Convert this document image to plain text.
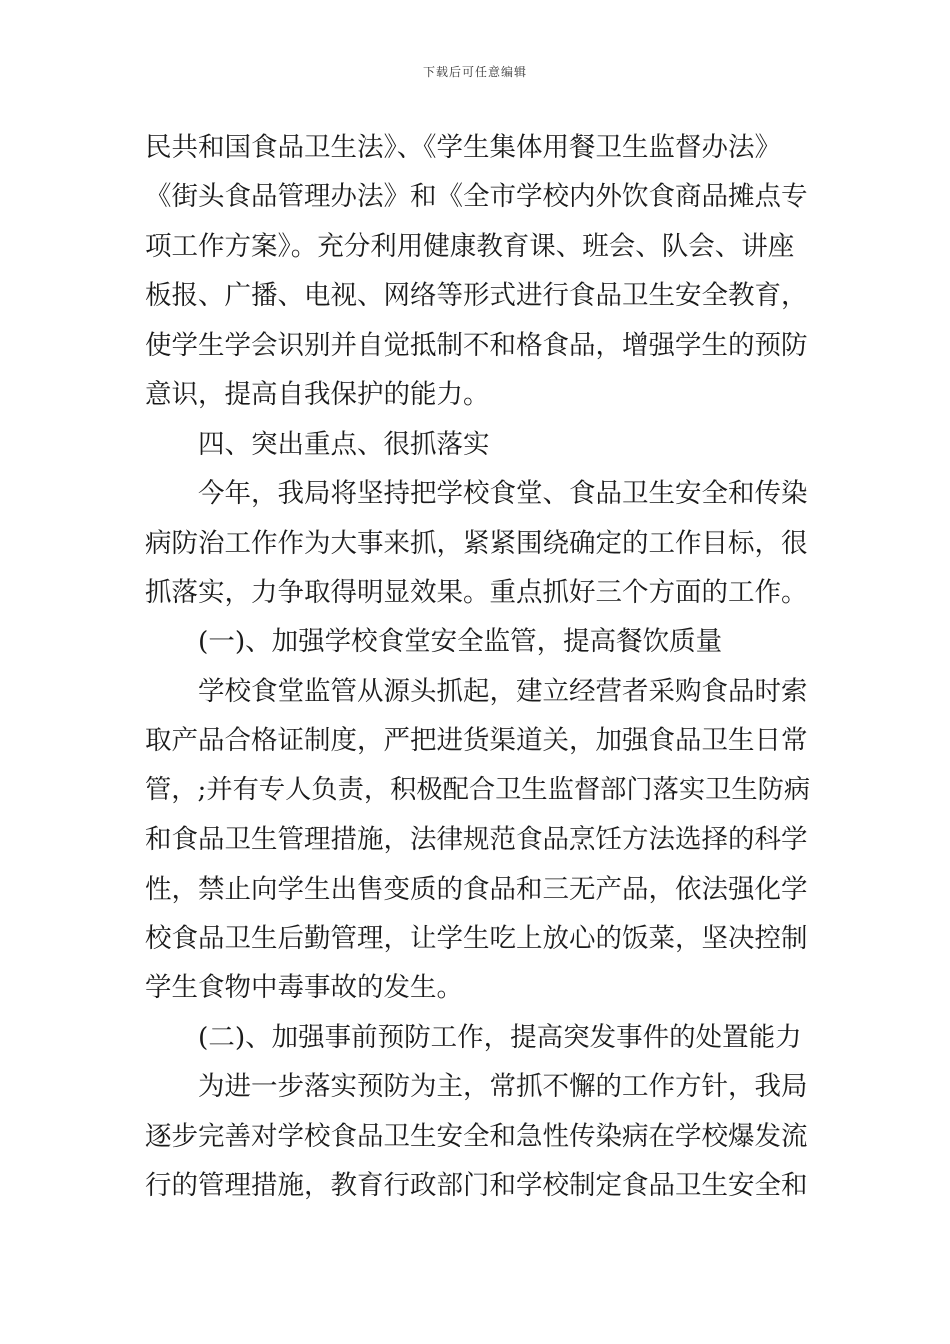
下载后可任意编辑
民共和国食品卫生法》、《学生集体用餐卫生监督办法》
《街头食品管理办法》和《全市学校内外饮食商品摊点专
项工作方案》。充分利用健康教育课、班会、队会、讲座
板报、广播、电视、网络等形式进行食品卫生安全教育，
使学生学会识别并自觉抵制不和格食品，增强学生的预防
意识，提高自我保护的能力。
四、突出重点、很抓落实
今年，我局将坚持把学校食堂、食品卫生安全和传染
病防治工作作为大事来抓，紧紧围绕确定的工作目标，很
抓落实，力争取得明显效果。重点抓好三个方面的工作。
(一)、加强学校食堂安全监管，提高餐饮质量
学校食堂监管从源头抓起，建立经营者采购食品时索
取产品合格证制度，严把进货渠道关，加强食品卫生日常
管，;并有专人负责，积极配合卫生监督部门落实卫生防病
和食品卫生管理措施，法律规范食品烹饪方法选择的科学
性，禁止向学生出售变质的食品和三无产品，依法强化学
校食品卫生后勤管理，让学生吃上放心的饭菜，坚决控制
学生食物中毒事故的发生。
(二)、加强事前预防工作，提高突发事件的处置能力
为进一步落实预防为主，常抓不懈的工作方针，我局
逐步完善对学校食品卫生安全和急性传染病在学校爆发流
行的管理措施，教育行政部门和学校制定食品卫生安全和
